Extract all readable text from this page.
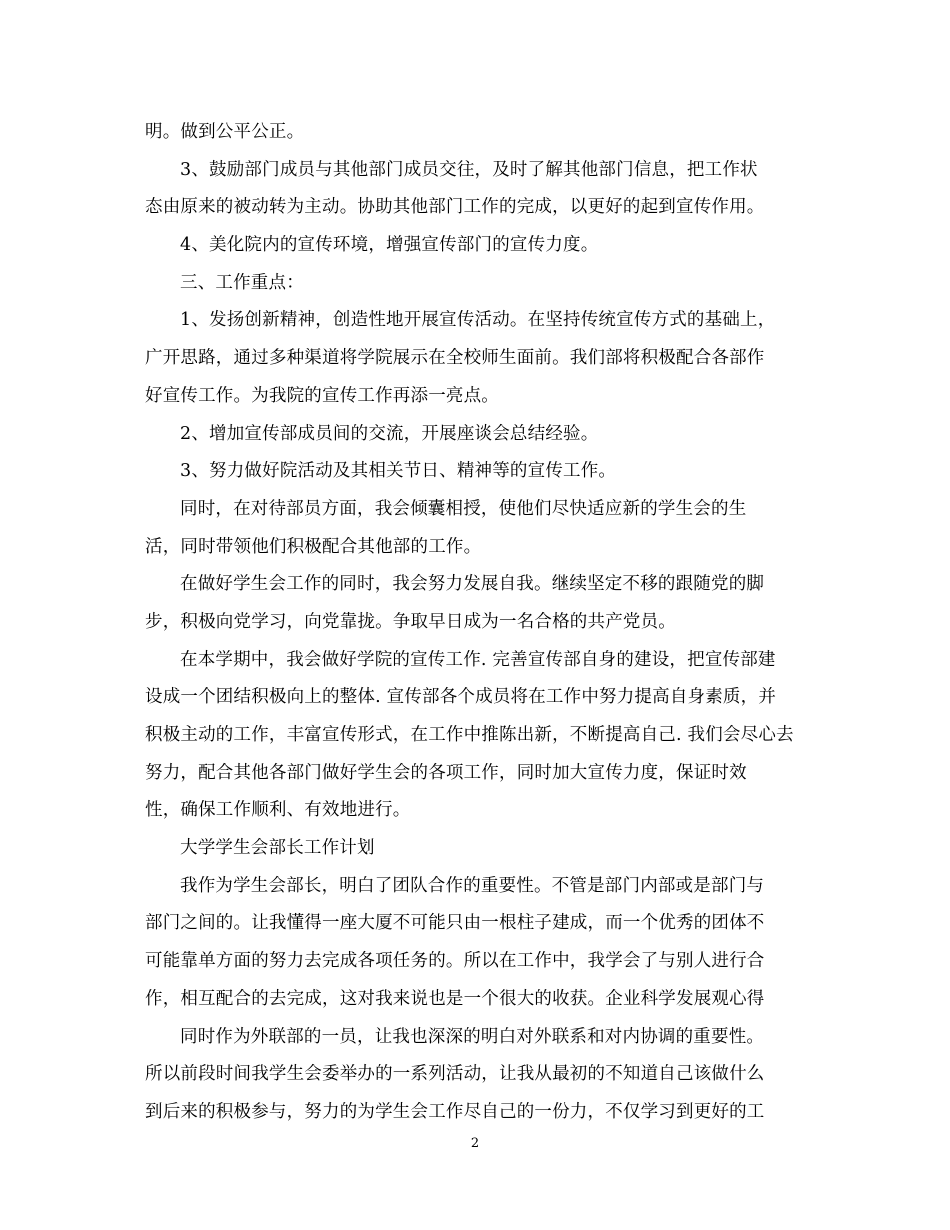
明。做到公平公正。
3、鼓励部门成员与其他部门成员交往，及时了解其他部门信息，把工作状
态由原来的被动转为主动。协助其他部门工作的完成，以更好的起到宣传作用。
4、美化院内的宣传环境，增强宣传部门的宣传力度。
三、工作重点：
1、发扬创新精神，创造性地开展宣传活动。在坚持传统宣传方式的基础上，
广开思路，通过多种渠道将学院展示在全校师生面前。我们部将积极配合各部作
好宣传工作。为我院的宣传工作再添一亮点。
2、增加宣传部成员间的交流，开展座谈会总结经验。
3、努力做好院活动及其相关节日、精神等的宣传工作。
同时，在对待部员方面，我会倾囊相授，使他们尽快适应新的学生会的生
活，同时带领他们积极配合其他部的工作。
在做好学生会工作的同时，我会努力发展自我。继续坚定不移的跟随党的脚
步，积极向党学习，向党靠拢。争取早日成为一名合格的共产党员。
在本学期中，我会做好学院的宣传工作. 完善宣传部自身的建设，把宣传部建
设成一个团结积极向上的整体. 宣传部各个成员将在工作中努力提高自身素质，并
积极主动的工作，丰富宣传形式，在工作中推陈出新，不断提高自己. 我们会尽心去
努力，配合其他各部门做好学生会的各项工作，同时加大宣传力度，保证时效
性，确保工作顺利、有效地进行。
大学学生会部长工作计划
我作为学生会部长，明白了团队合作的重要性。不管是部门内部或是部门与
部门之间的。让我懂得一座大厦不可能只由一根柱子建成，而一个优秀的团体不
可能靠单方面的努力去完成各项任务的。所以在工作中，我学会了与别人进行合
作，相互配合的去完成，这对我来说也是一个很大的收获。企业科学发展观心得
同时作为外联部的一员，让我也深深的明白对外联系和对内协调的重要性。
所以前段时间我学生会委举办的一系列活动，让我从最初的不知道自己该做什么
到后来的积极参与，努力的为学生会工作尽自己的一份力，不仅学习到更好的工
2
